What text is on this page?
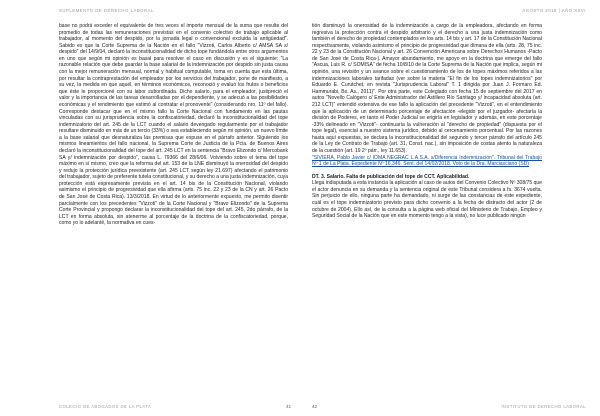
SUPLEMENTO DE DERECHO LABORAL

base no podrá exceder el equivalente de tres veces el importe mensual de la suma que resulte del promedio de todas las remuneraciones previstas en el convenio colectivo de trabajo aplicable al trabajador, al momento del despido, por la jornada legal o convencional excluida la antigüedad". Sabido es que la Corte Suprema de la Nación en el fallo "Vizzoti, Carlos Alberto c/ AMSA SA s/ despido" del 14/9/04, declaró la inconstitucionalidad de dicho tope fundándola entre otros argumentos en uno que según mi opinión es basal para resolver el caso en discusión y es el siguiente: "La razonable relación que debe guardar la base salarial de la indemnización por despido sin justa causa con la mejor remuneración mensual, normal y habitual computable, toma en cuenta que esta última, por resultar la contraprestación del empleador por los servicios del trabajador, pone de manifiesto, a su vez, la medida en que aquél, en términos económicos, reconoció y evaluó los frutos o beneficios que éste le proporcioné con su labor subordinada. Dicho salario, para el empleador, justipreció el valor y la importancia de las tareas desarrolladas por el dependiente, y se adecuó a las posibilidades económicas y el rendimiento que estimó al contratar el pronovente" (considerando nro. 11º del fallo). Corresponde destacar que en el mismo fallo la Corte Nacional con fundamento en las pautas vinculadas con su jurisprudencia sobre la confiscatoriedad, declaró la inconstitucionalidad del tope indemnizatorio del art. 245 de la LCT cuando el salario devengado regularmente por el trabajador resultare disminuido en más de un tercio (33%) o sea estableciendo según mi opinión, un nuevo límite a la base salarial que desnaturaliza las premisas que expuse en el párrafo anterior. Siguiendo los mismos lineamientos del fallo nacional, la Suprema Corte de Justicia de la Pcia. de Buenos Aires declaró la inconstitucionalidad del tope del art. 245 LCT en la sentencia "Bravo Elizondo c/ Mercobank SA y/ indemnización por despido", causa L. 79366 del 28/6/06. Volviendo sobre el tema del tope máximo en sí mismo, creo que la reforma del art. 153 de la LNE disminuyó la onerosidad del despido y redujo la protección jurídica preexistente (art. 245 LCT según ley 21.697) afectando el patrimonio del trabajador, sujeto de preferente tutela constitucional, y su derecho a una justa indemnización, cuya protección está expresamente prevista en el art. 14 bis de la Constitución Nacional, violando asimismo el principio de progresividad que ella afirma (arts. 75 inc. 22 y 23 de la CN y art. 26 Pacto de San José de Costa Rica). 13/3/2018. En virtud de lo anteriormente expuesto, me permito disentir parcialmente con los precedentes "Vizzoti" de la Corte Nacional y "Bravo Elizondo" de la Suprema Corte Provincial y propongo declarar la inconstitucionalidad del tope del art. 245, 2do párrafo, de la LCT en forma absoluta, sin atenerme al porcentaje de la doctrina de la confiscatoriedad, porque, como yo lo adelanté, la normativa en cues-

COLEGIO DE ABOGADOS DE LA PLATA	41
AGOSTO 2018 | AÑO XXVI

tión disminuyó la onerosidad de la indemnización a cargo de la empleadora, afectando en forma regresiva la protección contra el despido arbitrario y el derecho a una justa indemnización como también el derecho de propiedad contemplados en los arts. 14 bis y art. 17 de la Constitución Nacional respectivamente, violando asimismo el principio de progresividad que dimana de ella (arts. 28, 75 inc. 22 y 23 de la Constitución Nacional y art. 26 Convención Americana sobre Derechos Humanos -Pacto de San José de Costa Rica-). Amayor abundamiento, me apoyo en la doctrina que emerge del fallo "Ascua, Luis R. c/ SOMISA" de fecha 10/8/10 de la Corte Suprema de la Nación que implica, según mi opinión, una revisión y un avance sobre el cuestionamiento de los de topes máximos referidos a las indemnizaciones laborales tarifadas (ver sobre la materia "El fin de los topes indemnizatorios" por Eduardo E. Curutchet, en revista "Jurisprudencia Laboral" T. 1 dirigida por Juan J. Formaro Ed. Hammurabi, Bs. As., 2011)". Por otra parte, este Colegiado con fecha 15 de septiembre del 2017 en autos "Novello Calógero c/ Ente Administrador del Astillero Río Santiago y/ incapacidad absoluta (art. 212 LCT)" entendió extensiva de ese fallo la aplicación del precedente "Vizzoti", en el entendimiento que la aplicación de un determinado porcentaje de afectación -elegido por el juzgador- afectaría la división de Poderes, en tanto el Poder Judicial se erigiría en legislador y además, en este porcentaje -33% delineado en "Vizzoti"- continuaría la vulneración al "derecho de propiedad" (dispuesta por el tope legal), esencial a nuestro sistema jurídico, debido al cercenamiento porcentual. Por las razones hasta aquí expuestas, se declara la inconstitucionalidad del segundo y tercer párrafo del artículo 245 de la Ley de Contrato de Trabajo (art. 31, Const. nac.), sin imposición de costas atento la naturaleza de la cuestión (art. 19 2º párr., ley 11.653).

"SIVIERA, Pablo Javier c/ IOMA NEGRAC L.A.S.A. s/Diferencia Indemnización". Tribunal del Trabajo Nº 1 de La Plata. Expediente Nº 16.346. Sent. del 14/02/2018. Voto de la Dra. Marciasciano (SD)

DT. 3. Salario. Falta de publicación del tope de CCT. Aplicabilidad.

Llega indisputada a esta instancia la aplicación al caso de autos del Convenio Colectivo Nº 308/75 que el actor denuncia en su demanda y la sentencia original de este Tribunal considera a fs. 3674 vuelta. Sin perjuicio de ello, ninguna parte ha demandado, ni surge de las constancias de este expediente, cuál es el tope indemnizatorio previsto para dicho convenio a la fecha de distracto del actor (2 de octubre de 2004). Ello así, de la consulta a la página web oficial del Ministerio de Trabajo, Empleo y Seguridad Social de la Nación que en este momento tengo a la vista), no luce publicado ningún

INSTITUTO DE DERECHO LABORAL
42
